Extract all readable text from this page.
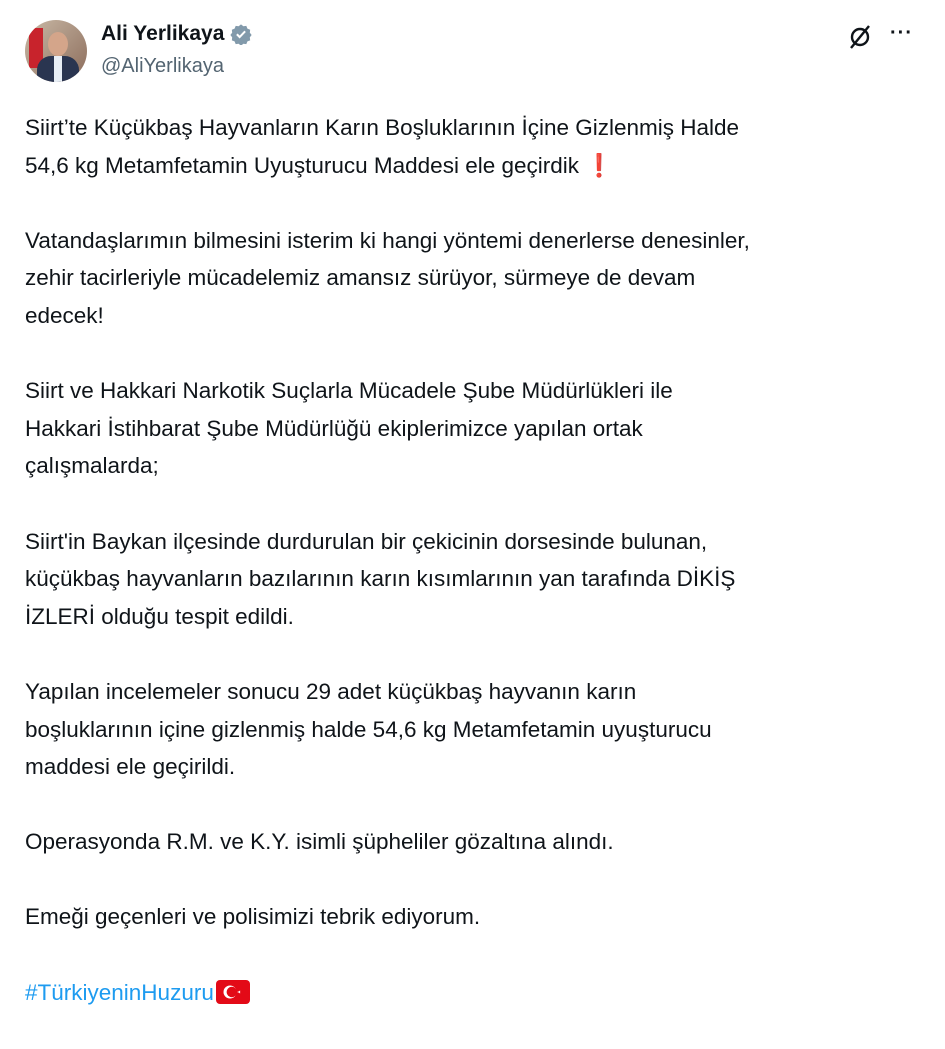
Ali Yerlikaya
@AliYerlikaya
···

Siirt’te Küçükbaş Hayvanların Karın Boşluklarının İçine Gizlenmiş Halde
54,6 kg Metamfetamin Uyuşturucu Maddesi ele geçirdik ❗

Vatandaşlarımın bilmesini isterim ki hangi yöntemi denerlerse denesinler,
zehir tacirleriyle mücadelemiz amansız sürüyor, sürmeye de devam
edecek!

Siirt ve Hakkari Narkotik Suçlarla Mücadele Şube Müdürlükleri ile
Hakkari İstihbarat Şube Müdürlüğü ekiplerimizce yapılan ortak
çalışmalarda;

Siirt'in Baykan ilçesinde durdurulan bir çekicinin dorsesinde bulunan,
küçükbaş hayvanların bazılarının karın kısımlarının yan tarafında DİKİŞ
İZLERİ olduğu tespit edildi.

Yapılan incelemeler sonucu 29 adet küçükbaş hayvanın karın
boşluklarının içine gizlenmiş halde 54,6 kg Metamfetamin uyuşturucu
maddesi ele geçirildi.

Operasyonda R.M. ve K.Y. isimli şüpheliler gözaltına alındı.

Emeği geçenleri ve polisimizi tebrik ediyorum.

#TürkiyeninHuzuru
